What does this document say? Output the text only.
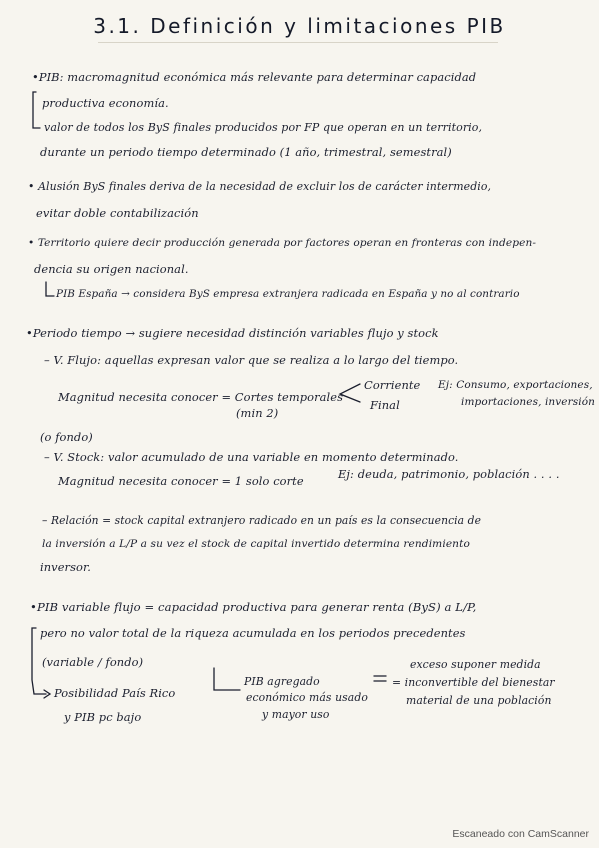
3.1. Definición y limitaciones PIB
•PIB: macromagnitud económica más relevante para determinar capacidad
productiva economía.
valor de todos los ByS finales producidos por FP que operan en un territorio,
durante un periodo tiempo determinado (1 año, trimestral, semestral)
• Alusión ByS finales deriva de la necesidad de excluir los de carácter intermedio,
evitar doble contabilización
• Territorio quiere decir producción generada por factores operan en fronteras con indepen-
dencia su origen nacional.
PIB España → considera ByS empresa extranjera radicada en España y no al contrario
•Periodo tiempo → sugiere necesidad distinción variables flujo y stock
– V. Flujo: aquellas expresan valor que se realiza a lo largo del tiempo.
Magnitud necesita conocer = Cortes temporales
(min 2)
Corriente
Final
Ej: Consumo, exportaciones,
importaciones, inversión
(o fondo)
– V. Stock: valor acumulado de una variable en momento determinado.
Magnitud necesita conocer = 1 solo corte	Ej: deuda, patrimonio, población . . . .
– Relación = stock capital extranjero radicado en un país es la consecuencia de
la inversión a L/P a su vez el stock de capital invertido determina rendimiento
inversor.
•PIB variable flujo = capacidad productiva para generar renta (ByS) a L/P,
pero no valor total de la riqueza acumulada en los periodos precedentes
(variable / fondo)
Posibilidad País Rico
y PIB pc bajo
PIB agregado
económico más usado
y mayor uso
exceso suponer medida
= inconvertible del bienestar
material de una población
Escaneado con CamScanner
